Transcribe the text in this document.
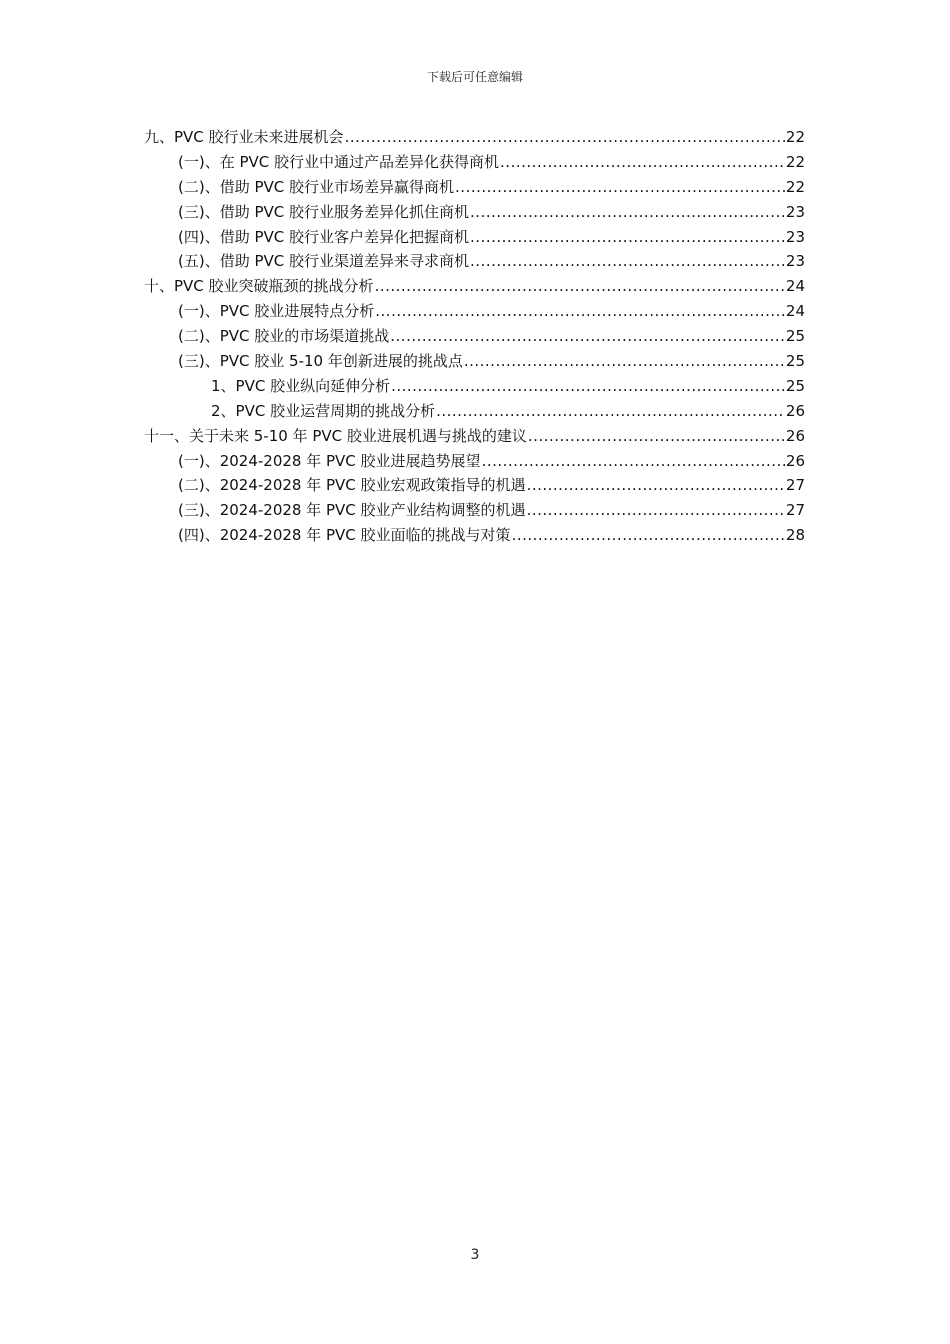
下载后可任意编辑
九、PVC 胶行业未来进展机会 .....	22
(一)、在 PVC 胶行业中通过产品差异化获得商机 .....	22
(二)、借助 PVC 胶行业市场差异赢得商机 .....	22
(三)、借助 PVC 胶行业服务差异化抓住商机 .....	23
(四)、借助 PVC 胶行业客户差异化把握商机 .....	23
(五)、借助 PVC 胶行业渠道差异来寻求商机 .....	23
十、PVC 胶业突破瓶颈的挑战分析 .....	24
(一)、PVC 胶业进展特点分析 .....	24
(二)、PVC 胶业的市场渠道挑战 .....	25
(三)、PVC 胶业 5-10 年创新进展的挑战点 .....	25
1、PVC 胶业纵向延伸分析 .....	25
2、PVC 胶业运营周期的挑战分析 .....	26
十一、关于未来 5-10 年 PVC 胶业进展机遇与挑战的建议 .....	26
(一)、2024-2028 年 PVC 胶业进展趋势展望 .....	26
(二)、2024-2028 年 PVC 胶业宏观政策指导的机遇 .....	27
(三)、2024-2028 年 PVC 胶业产业结构调整的机遇 .....	27
(四)、2024-2028 年 PVC 胶业面临的挑战与对策 .....	28
3
